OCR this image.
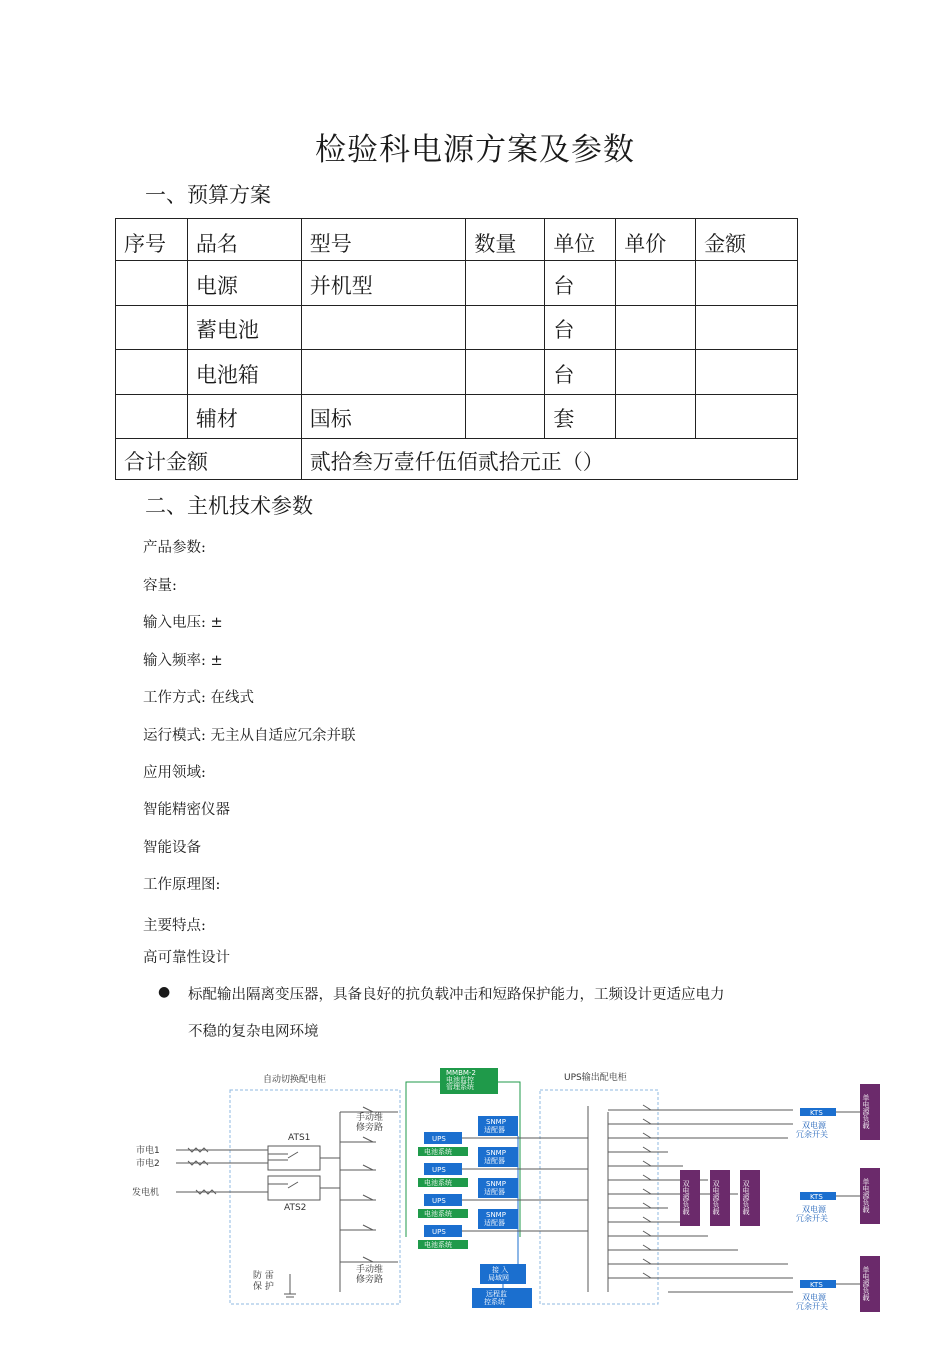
检验科电源方案及参数
一、预算方案
序号	品名	型号	数量	单位	单价	金额
	电源	并机型		台		
	蓄电池			台		
	电池箱			台		
	辅材	国标		套		
合计金额		贰拾叁万壹仟伍佰贰拾元正（）				
二、主机技术参数
产品参数:
容量:
输入电压: ±
输入频率: ±
工作方式: 在线式
运行模式: 无主从自适应冗余并联
应用领域:
智能精密仪器
智能设备
工作原理图:
主要特点:
高可靠性设计
● 标配输出隔离变压器，具备良好的抗负载冲击和短路保护能力，工频设计更适应电力
不稳的复杂电网环境
自动切换配电柜	UPS输出配电柜
市电1
市电2
发电机
ATS1
ATS2
手动维修旁路
手动维修旁路
防 雷保 护
MMBM-2 电池监控管理系统
UPS
电池系统
UPS
电池系统
UPS
电池系统
UPS
电池系统
SNMP 适配器
SNMP 适配器
SNMP 适配器
SNMP 适配器
接 入局域网
远程监控系统
双电源负载	双电源负载	双电源负载
KTS
双电源冗余开关
KTS
双电源冗余开关
KTS
双电源冗余开关
单电源负载
单电源负载
单电源负载
